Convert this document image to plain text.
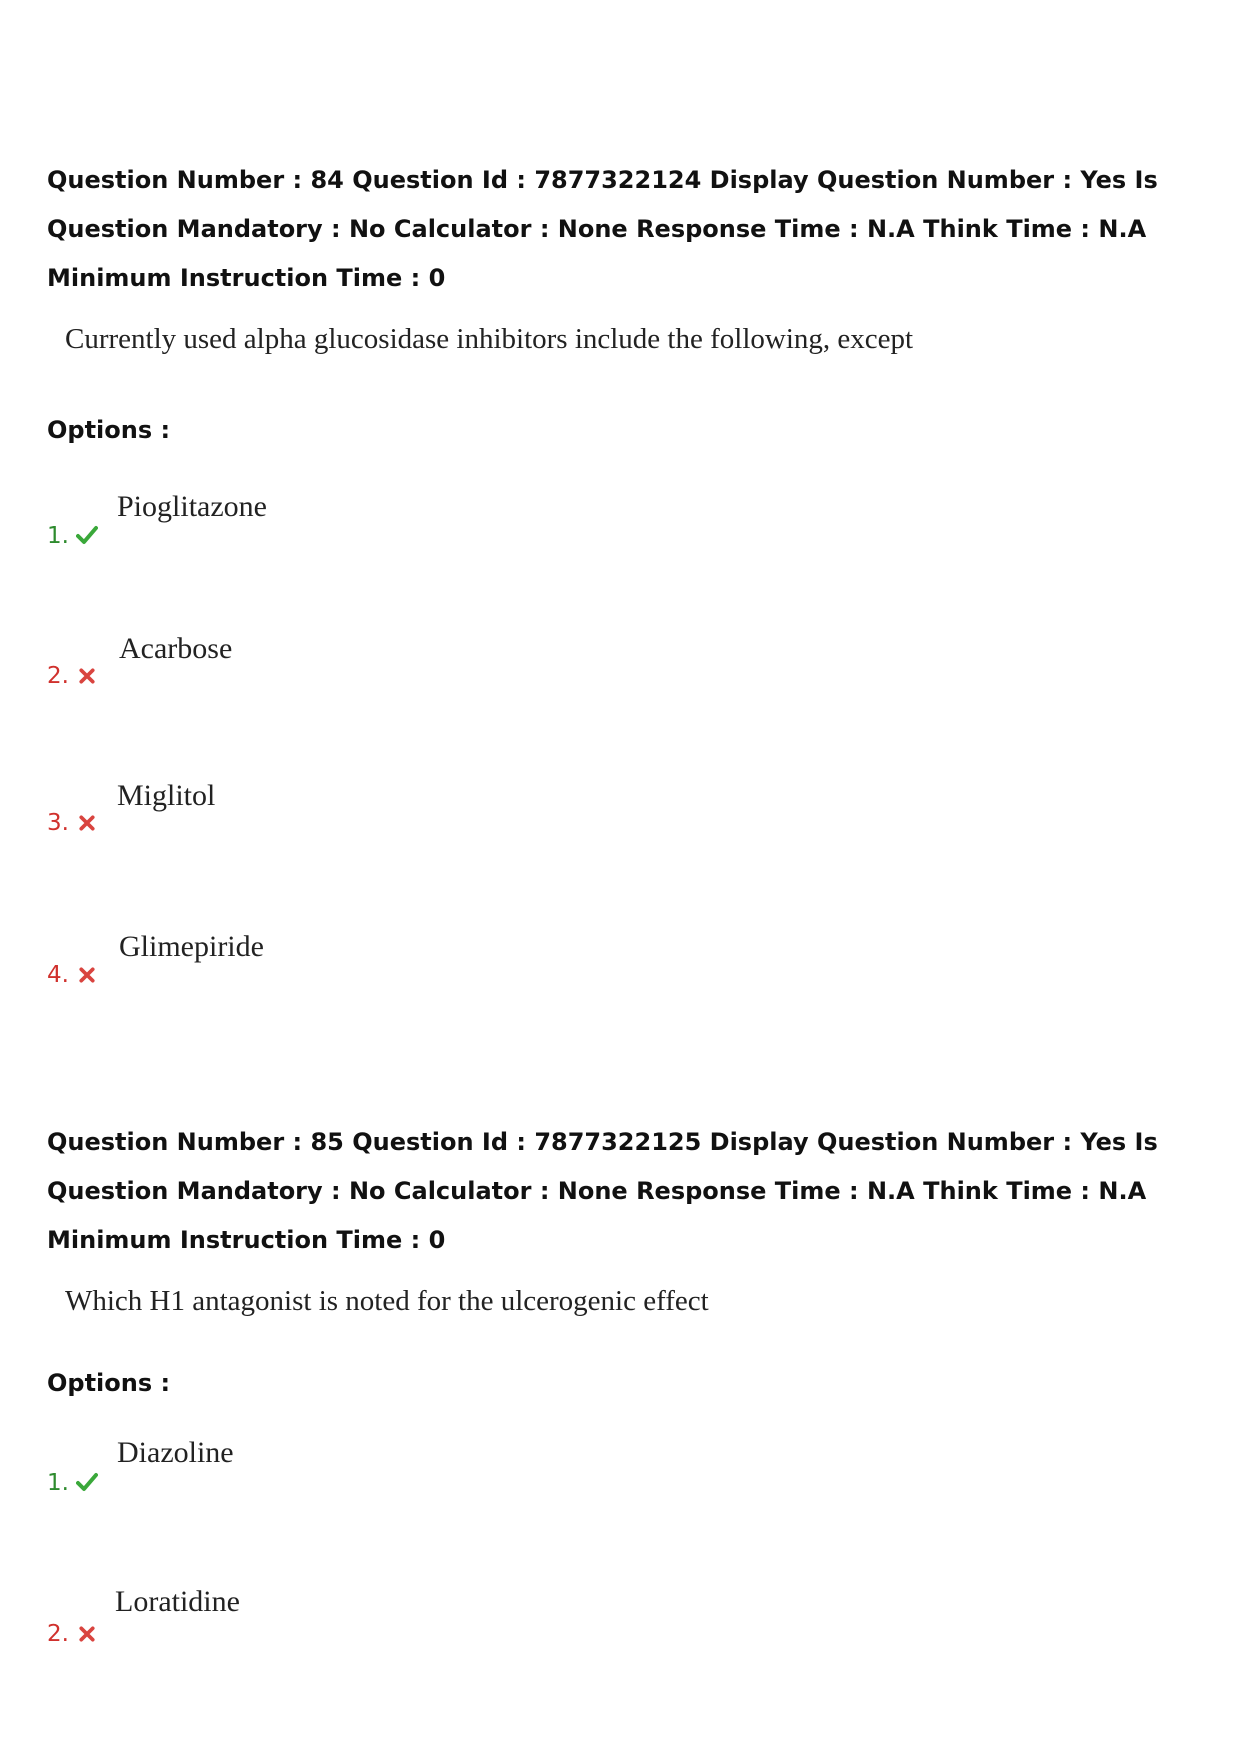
Question Number : 84 Question Id : 7877322124 Display Question Number : Yes Is Question Mandatory : No Calculator : None Response Time : N.A Think Time : N.A Minimum Instruction Time : 0

Currently used alpha glucosidase inhibitors include the following, except

Options :

Pioglitazone
1.
Acarbose
2.
Miglitol
3.
Glimepiride
4.

Question Number : 85 Question Id : 7877322125 Display Question Number : Yes Is Question Mandatory : No Calculator : None Response Time : N.A Think Time : N.A Minimum Instruction Time : 0

Which H1 antagonist is noted for the ulcerogenic effect

Options :

Diazoline
1.
Loratidine
2.
